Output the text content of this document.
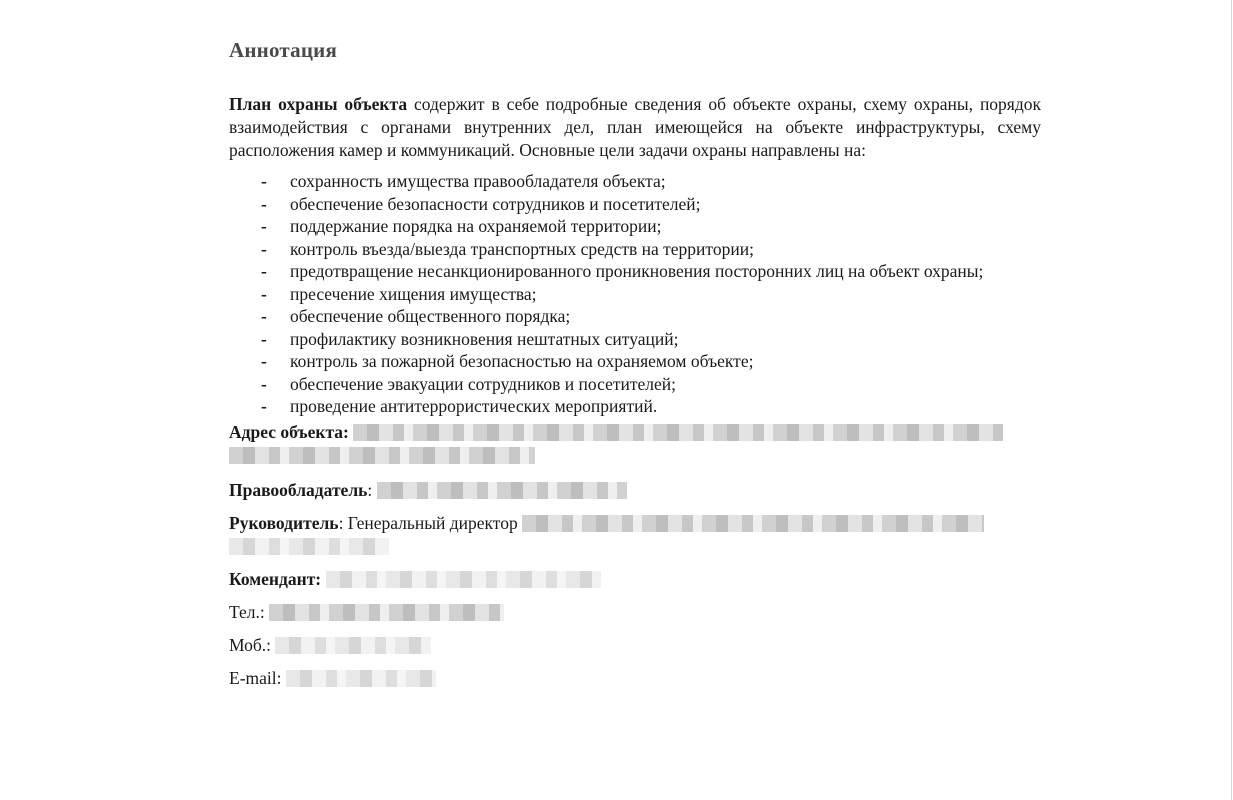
Аннотация

План охраны объекта содержит в себе подробные сведения об объекте охраны, схему охраны, порядок взаимодействия с органами внутренних дел, план имеющейся на объекте инфраструктуры, схему расположения камер и коммуникаций. Основные цели задачи охраны направлены на:

- сохранность имущества правообладателя объекта;
- обеспечение безопасности сотрудников и посетителей;
- поддержание порядка на охраняемой территории;
- контроль въезда/выезда транспортных средств на территории;
- предотвращение несанкционированного проникновения посторонних лиц на объект охраны;
- пресечение хищения имущества;
- обеспечение общественного порядка;
- профилактику возникновения нештатных ситуаций;
- контроль за пожарной безопасностью на охраняемом объекте;
- обеспечение эвакуации сотрудников и посетителей;
- проведение антитеррористических мероприятий.

Адрес объекта:

Правообладатель:

Руководитель: Генеральный директор

Комендант:

Тел.:

Моб.:

E-mail:
